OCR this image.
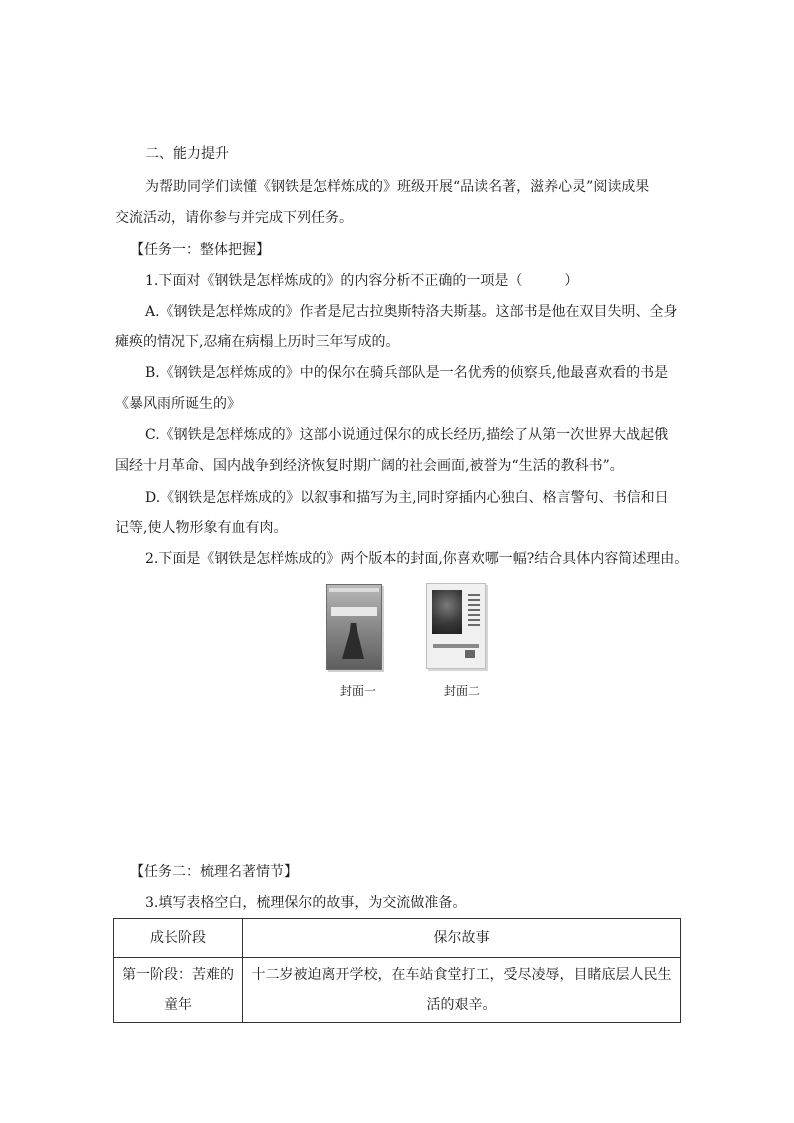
二、能力提升
为帮助同学们读懂《钢铁是怎样炼成的》班级开展“品读名著，滋养心灵”阅读成果
交流活动，请你参与并完成下列任务。
【任务一：整体把握】
1.下面对《钢铁是怎样炼成的》的内容分析不正确的一项是（　　　）
A.《钢铁是怎样炼成的》作者是尼古拉奥斯特洛夫斯基。这部书是他在双目失明、全身
瘫痪的情况下,忍痛在病榻上历时三年写成的。
B.《钢铁是怎样炼成的》中的保尔在骑兵部队是一名优秀的侦察兵,他最喜欢看的书是
《暴风雨所诞生的》
C.《钢铁是怎样炼成的》这部小说通过保尔的成长经历,描绘了从第一次世界大战起俄
国经十月革命、国内战争到经济恢复时期广阔的社会画面,被誉为“生活的教科书”。
D.《钢铁是怎样炼成的》以叙事和描写为主,同时穿插内心独白、格言警句、书信和日
记等,使人物形象有血有肉。
2.下面是《钢铁是怎样炼成的》两个版本的封面,你喜欢哪一幅?结合具体内容简述理由。
封面一	封面二
【任务二：梳理名著情节】
3.填写表格空白，梳理保尔的故事，为交流做准备。
成长阶段	保尔故事
第一阶段：苦难的童年	十二岁被迫离开学校，在车站食堂打工，受尽凌辱，目睹底层人民生活的艰辛。
